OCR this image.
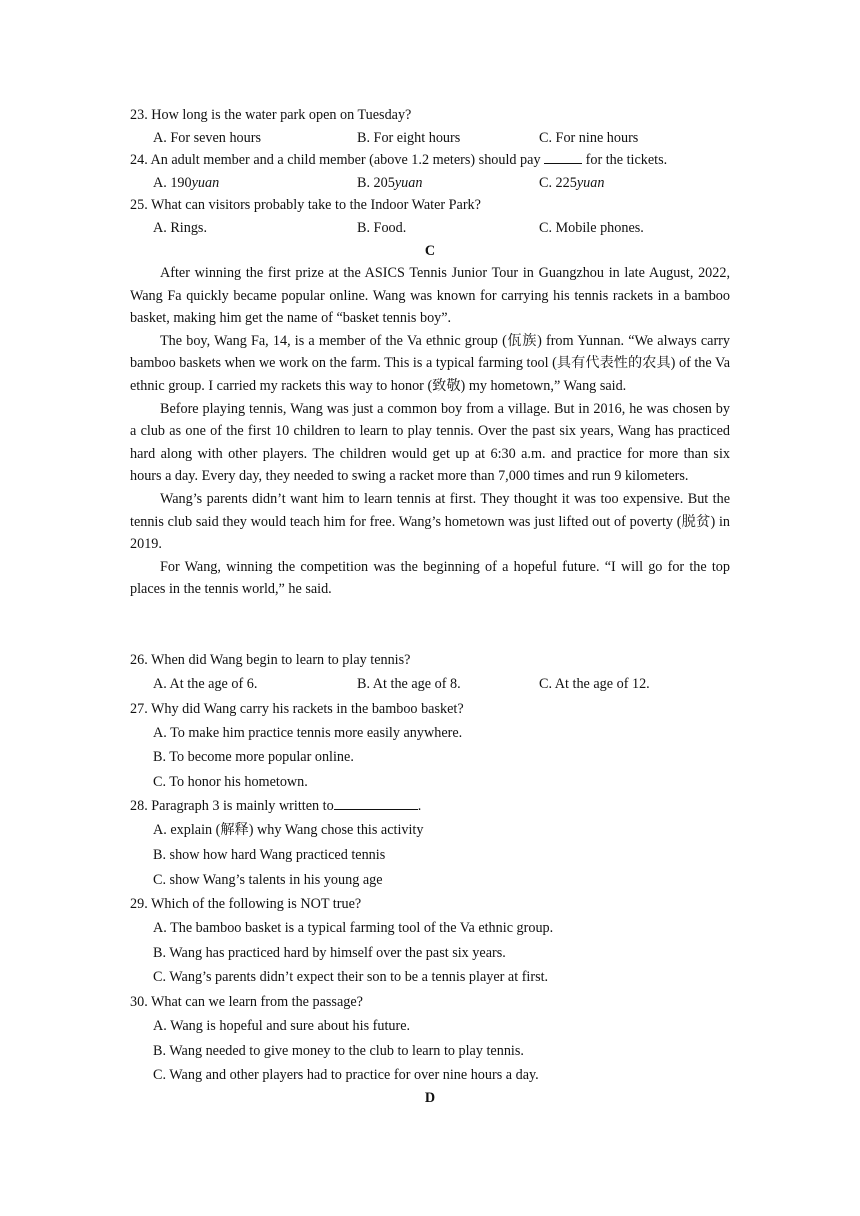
23. How long is the water park open on Tuesday?
A. For seven hours	B. For eight hours	C. For nine hours
24. An adult member and a child member (above 1.2 meters) should pay	for the tickets.
A. 190yuan	B. 205yuan	C. 225yuan
25. What can visitors probably take to the Indoor Water Park?
A. Rings.	B. Food.	C. Mobile phones.
C

After winning the first prize at the ASICS Tennis Junior Tour in Guangzhou in late August, 2022, Wang Fa quickly became popular online. Wang was known for carrying his tennis rackets in a bamboo basket, making him get the name of “basket tennis boy”.

The boy, Wang Fa, 14, is a member of the Va ethnic group (佤族) from Yunnan. “We always carry bamboo baskets when we work on the farm. This is a typical farming tool (具有代表性的农具) of the Va ethnic group. I carried my rackets this way to honor (致敬) my hometown,” Wang said.

Before playing tennis, Wang was just a common boy from a village. But in 2016, he was chosen by a club as one of the first 10 children to learn to play tennis. Over the past six years, Wang has practiced hard along with other players. The children would get up at 6:30 a.m. and practice for more than six hours a day. Every day, they needed to swing a racket more than 7,000 times and run 9 kilometers.

Wang’s parents didn’t want him to learn tennis at first. They thought it was too expensive. But the tennis club said they would teach him for free. Wang’s hometown was just lifted out of poverty (脱贫) in 2019.

For Wang, winning the competition was the beginning of a hopeful future. “I will go for the top places in the tennis world,” he said.

26. When did Wang begin to learn to play tennis?
A. At the age of 6.	B. At the age of 8.	C. At the age of 12.
27. Why did Wang carry his rackets in the bamboo basket?
A. To make him practice tennis more easily anywhere.
B. To become more popular online.
C. To honor his hometown.
28. Paragraph 3 is mainly written to	.
A. explain (解释) why Wang chose this activity
B. show how hard Wang practiced tennis
C. show Wang’s talents in his young age
29. Which of the following is NOT true?
A. The bamboo basket is a typical farming tool of the Va ethnic group.
B. Wang has practiced hard by himself over the past six years.
C. Wang’s parents didn’t expect their son to be a tennis player at first.
30. What can we learn from the passage?
A. Wang is hopeful and sure about his future.
B. Wang needed to give money to the club to learn to play tennis.
C. Wang and other players had to practice for over nine hours a day.
D
